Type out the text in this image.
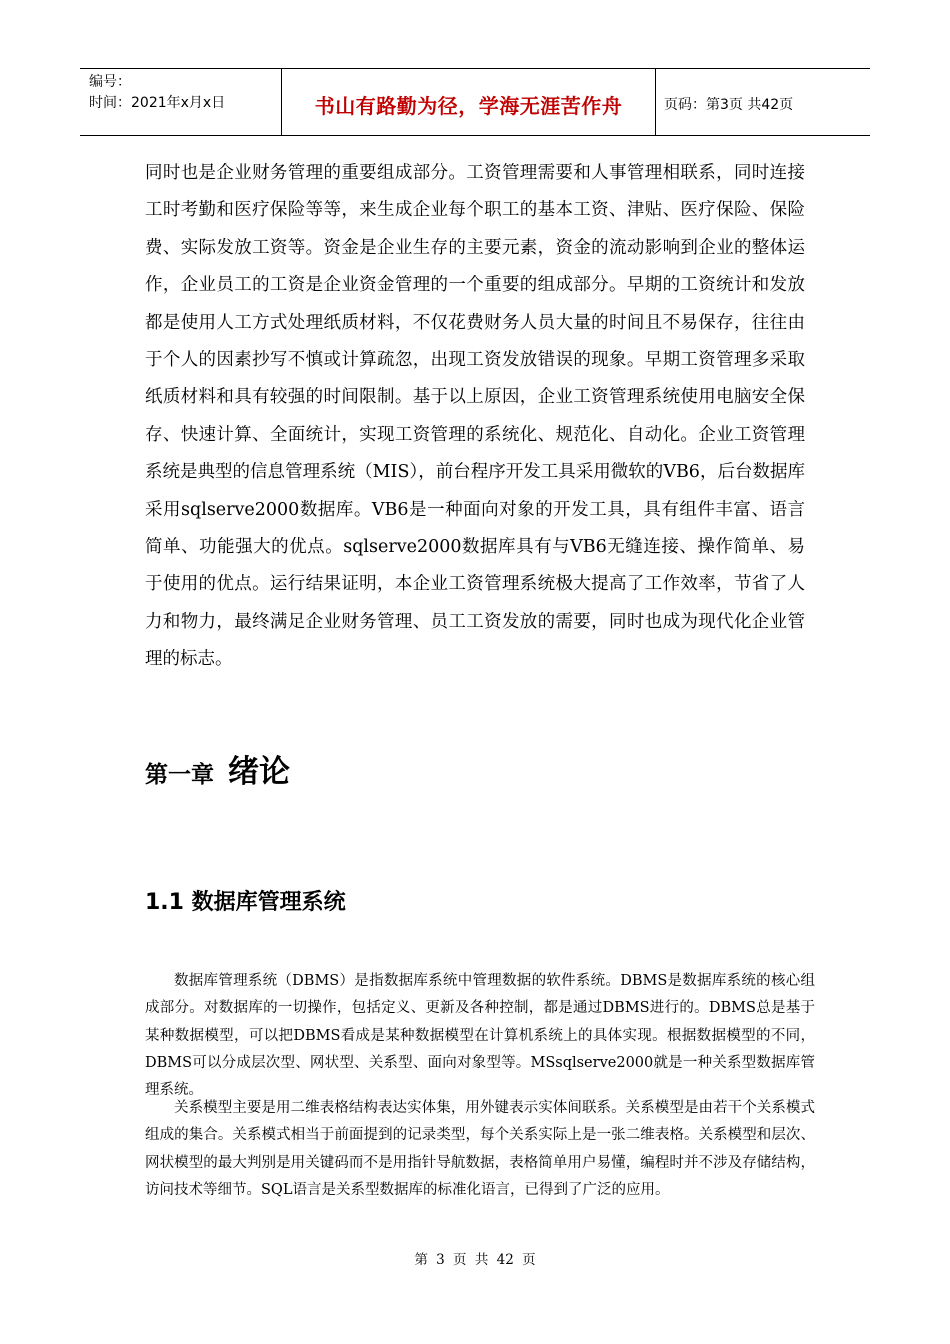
编号：
时间：2021年x月x日	书山有路勤为径，学海无涯苦作舟	页码：第3页 共42页

同时也是企业财务管理的重要组成部分。工资管理需要和人事管理相联系，同时连接工时考勤和医疗保险等等，来生成企业每个职工的基本工资、津贴、医疗保险、保险费、实际发放工资等。资金是企业生存的主要元素，资金的流动影响到企业的整体运作，企业员工的工资是企业资金管理的一个重要的组成部分。早期的工资统计和发放都是使用人工方式处理纸质材料，不仅花费财务人员大量的时间且不易保存，往往由于个人的因素抄写不慎或计算疏忽，出现工资发放错误的现象。早期工资管理多采取纸质材料和具有较强的时间限制。基于以上原因，企业工资管理系统使用电脑安全保存、快速计算、全面统计，实现工资管理的系统化、规范化、自动化。企业工资管理系统是典型的信息管理系统（MIS），前台程序开发工具采用微软的VB6，后台数据库采用sqlserve2000数据库。VB6是一种面向对象的开发工具，具有组件丰富、语言简单、功能强大的优点。sqlserve2000数据库具有与VB6无缝连接、操作简单、易于使用的优点。运行结果证明，本企业工资管理系统极大提高了工作效率，节省了人力和物力，最终满足企业财务管理、员工工资发放的需要，同时也成为现代化企业管理的标志。

第一章 绪论
1.1 数据库管理系统

数据库管理系统（DBMS）是指数据库系统中管理数据的软件系统。DBMS是数据库系统的核心组成部分。对数据库的一切操作，包括定义、更新及各种控制，都是通过DBMS进行的。DBMS总是基于某种数据模型，可以把DBMS看成是某种数据模型在计算机系统上的具体实现。根据数据模型的不同，DBMS可以分成层次型、网状型、关系型、面向对象型等。MSsqlserve2000就是一种关系型数据库管理系统。

关系模型主要是用二维表格结构表达实体集，用外键表示实体间联系。关系模型是由若干个关系模式组成的集合。关系模式相当于前面提到的记录类型，每个关系实际上是一张二维表格。关系模型和层次、网状模型的最大判别是用关键码而不是用指针导航数据，表格简单用户易懂，编程时并不涉及存储结构，访问技术等细节。SQL语言是关系型数据库的标准化语言，已得到了广泛的应用。

第 3 页 共 42 页
